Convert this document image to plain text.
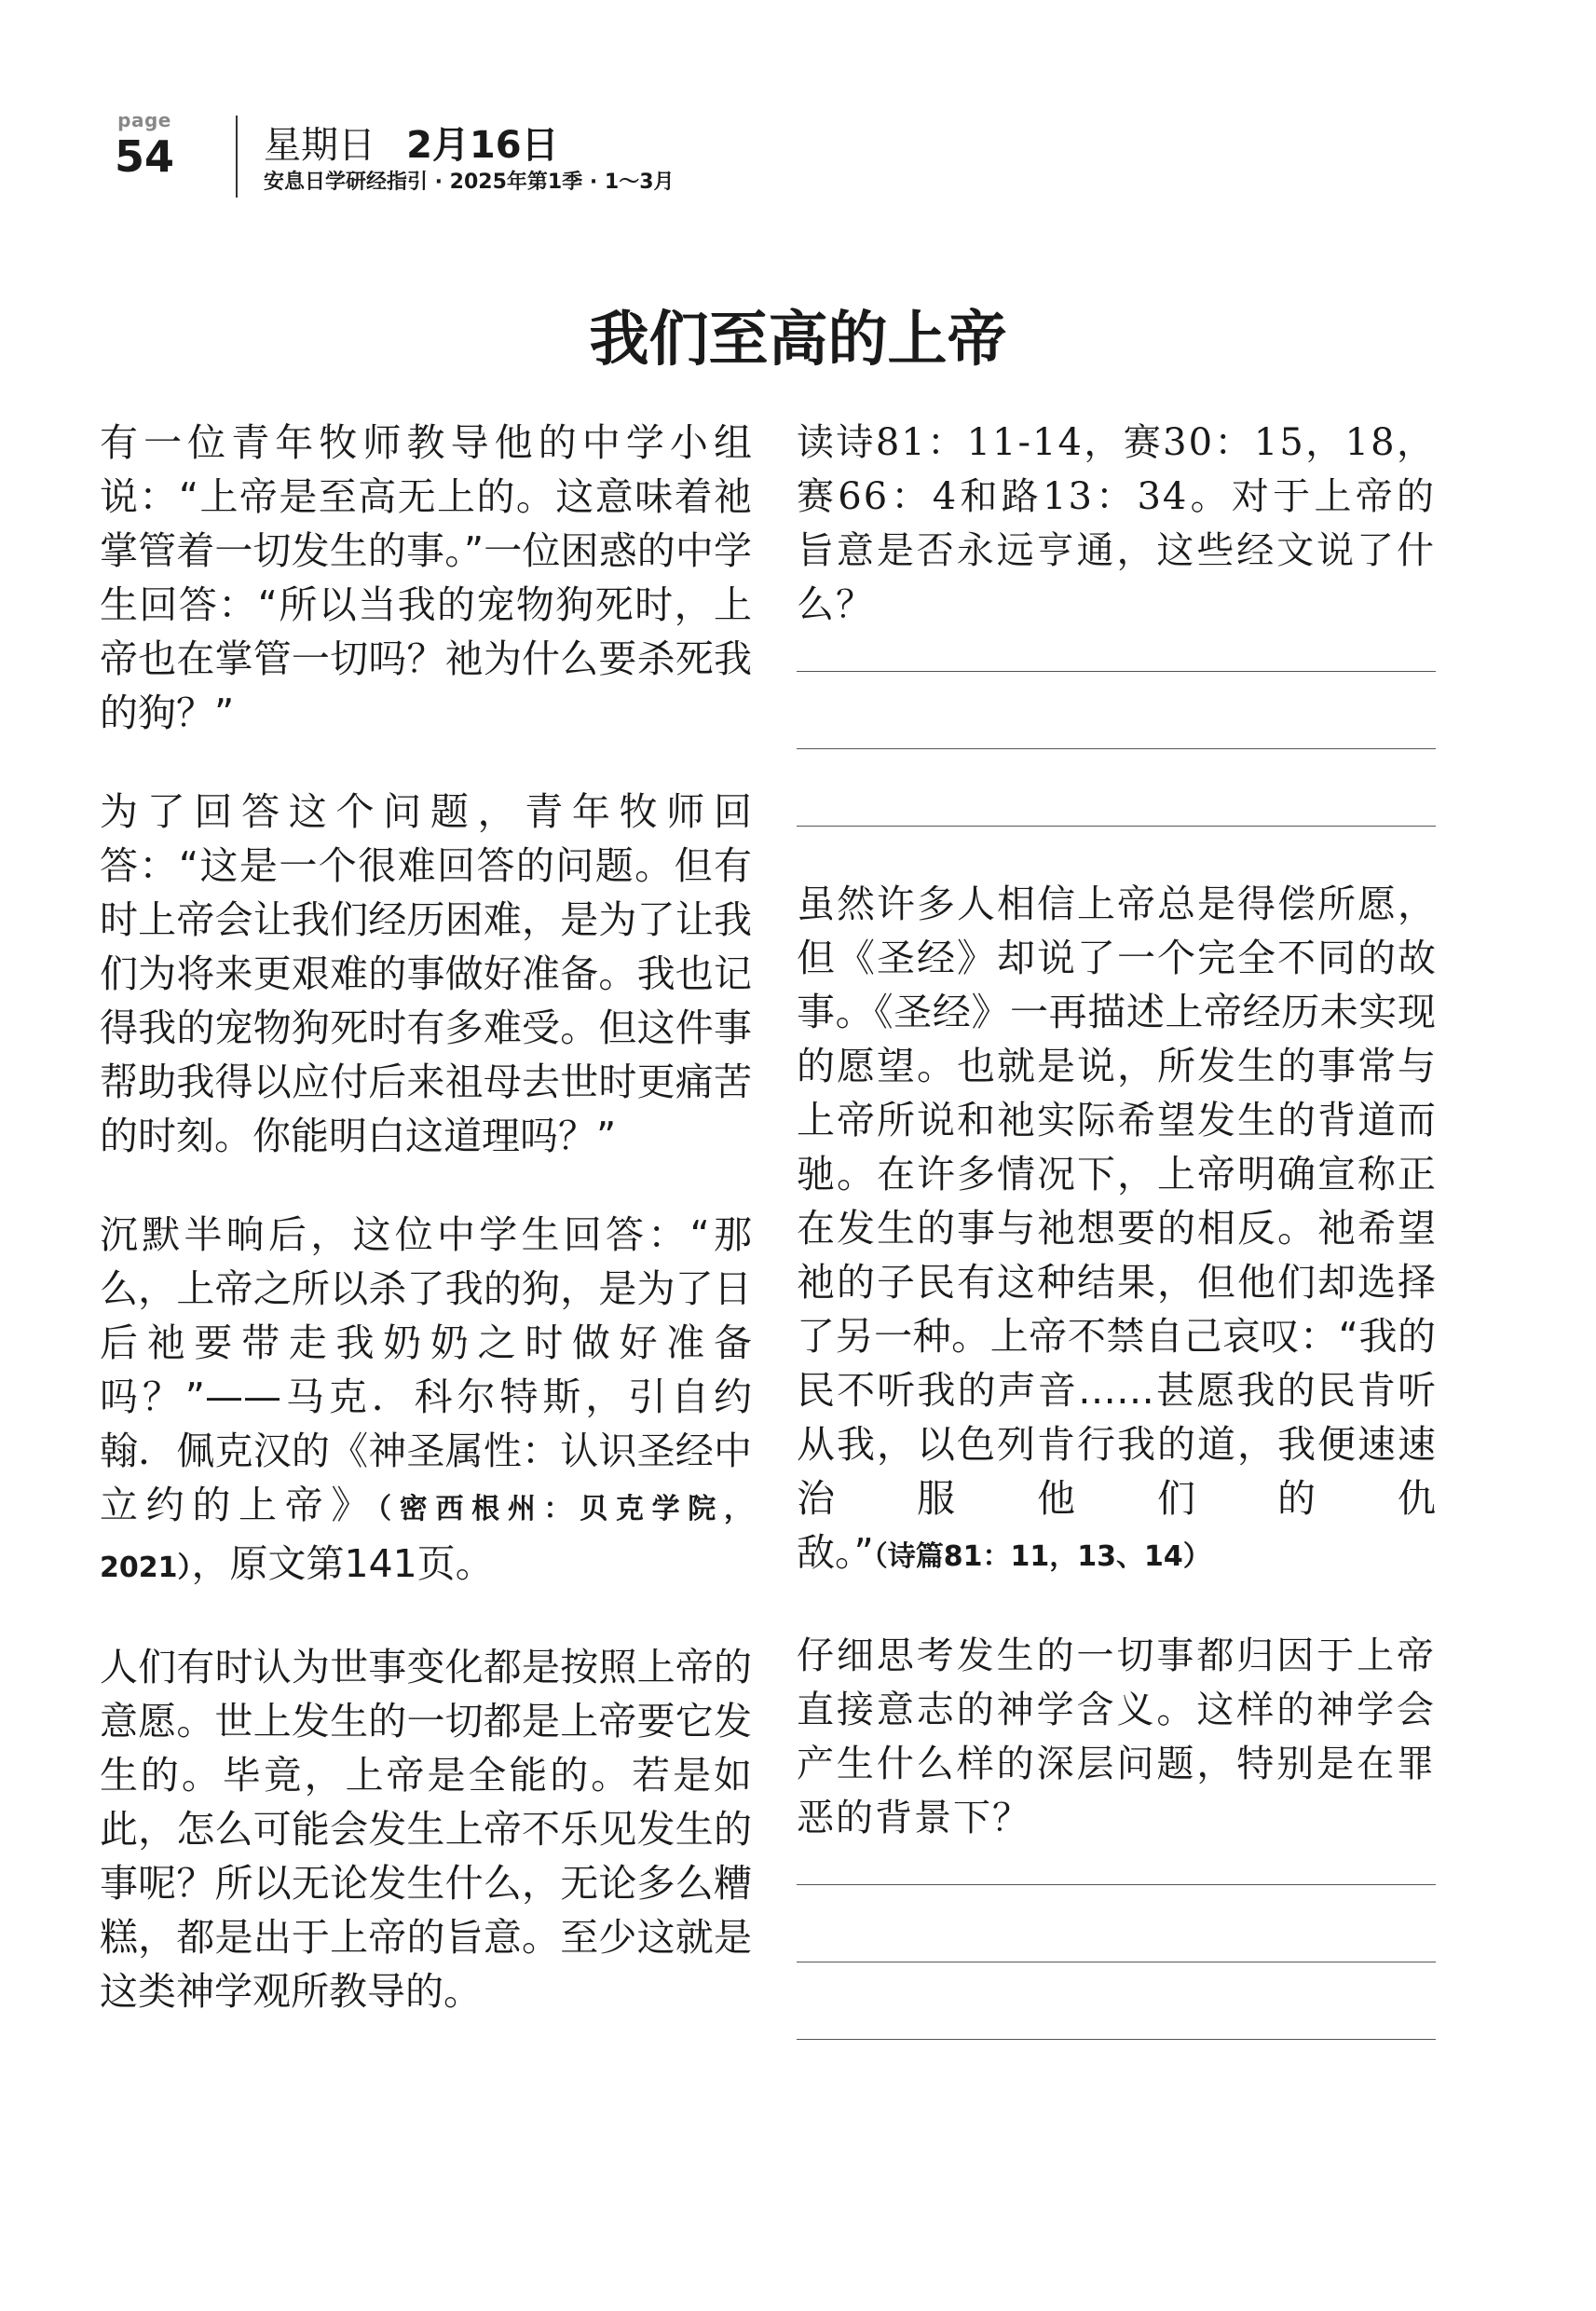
page
54	星期日 2月16日
安息日学研经指引 · 2025年第1季 · 1～3月
我们至高的上帝

有一位青年牧师教导他的中学小组说：“上帝是至高无上的。这意味着祂掌管着一切发生的事。”一位困惑的中学生回答：“所以当我的宠物狗死时，上帝也在掌管一切吗？祂为什么要杀死我的狗？”

为了回答这个问题，青年牧师回答：“这是一个很难回答的问题。但有时上帝会让我们经历困难，是为了让我们为将来更艰难的事做好准备。我也记得我的宠物狗死时有多难受。但这件事帮助我得以应付后来祖母去世时更痛苦的时刻。你能明白这道理吗？”

沉默半晌后，这位中学生回答：“那么，上帝之所以杀了我的狗，是为了日后祂要带走我奶奶之时做好准备吗？”——马克．科尔特斯，引自约翰．佩克汉的《神圣属性：认识圣经中立约的上帝》（密西根州：贝克学院，2021），原文第141页。

人们有时认为世事变化都是按照上帝的意愿。世上发生的一切都是上帝要它发生的。毕竟，上帝是全能的。若是如此，怎么可能会发生上帝不乐见发生的事呢？所以无论发生什么，无论多么糟糕，都是出于上帝的旨意。至少这就是这类神学观所教导的。

读诗81：11-14，赛30：15，18，赛66：4和路13：34。对于上帝的旨意是否永远亨通，这些经文说了什么？

虽然许多人相信上帝总是得偿所愿，但《圣经》却说了一个完全不同的故事。《圣经》一再描述上帝经历未实现的愿望。也就是说，所发生的事常与上帝所说和祂实际希望发生的背道而驰。在许多情况下，上帝明确宣称正在发生的事与祂想要的相反。祂希望祂的子民有这种结果，但他们却选择了另一种。上帝不禁自己哀叹：“我的民不听我的声音……甚愿我的民肯听从我，以色列肯行我的道，我便速速治服他们的仇敌。”（诗篇81：11，13、14）

仔细思考发生的一切事都归因于上帝直接意志的神学含义。这样的神学会产生什么样的深层问题，特别是在罪恶的背景下？
